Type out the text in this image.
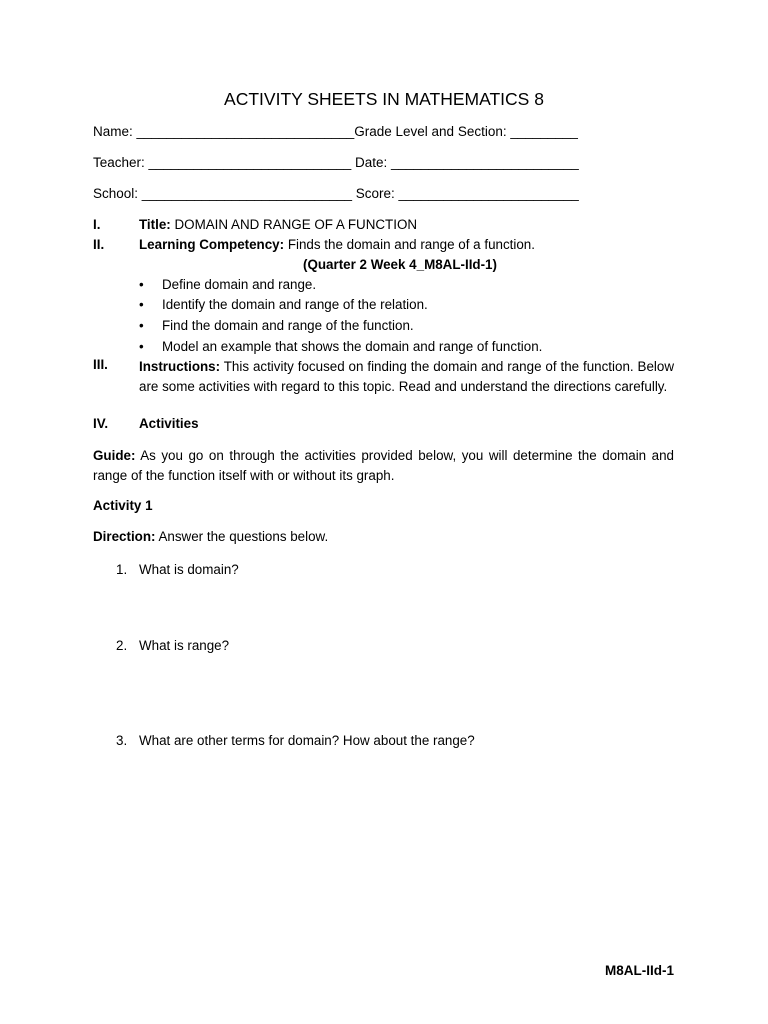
ACTIVITY SHEETS IN MATHEMATICS 8
Name: _____________________________Grade Level and Section: _________
Teacher: ___________________________ Date: _________________________
School: ____________________________ Score: ________________________
I.	Title: DOMAIN AND RANGE OF A FUNCTION
II.	Learning Competency: Finds the domain and range of a function.
(Quarter 2 Week 4_M8AL-IId-1)
• Define domain and range.
• Identify the domain and range of the relation.
• Find the domain and range of the function.
• Model an example that shows the domain and range of function.
III. Instructions: This activity focused on finding the domain and range of the function. Below are some activities with regard to this topic. Read and understand the directions carefully.
IV. Activities
Guide: As you go on through the activities provided below, you will determine the domain and range of the function itself with or without its graph.
Activity 1
Direction: Answer the questions below.
1. What is domain?
2. What is range?
3. What are other terms for domain? How about the range?
M8AL-IId-1
